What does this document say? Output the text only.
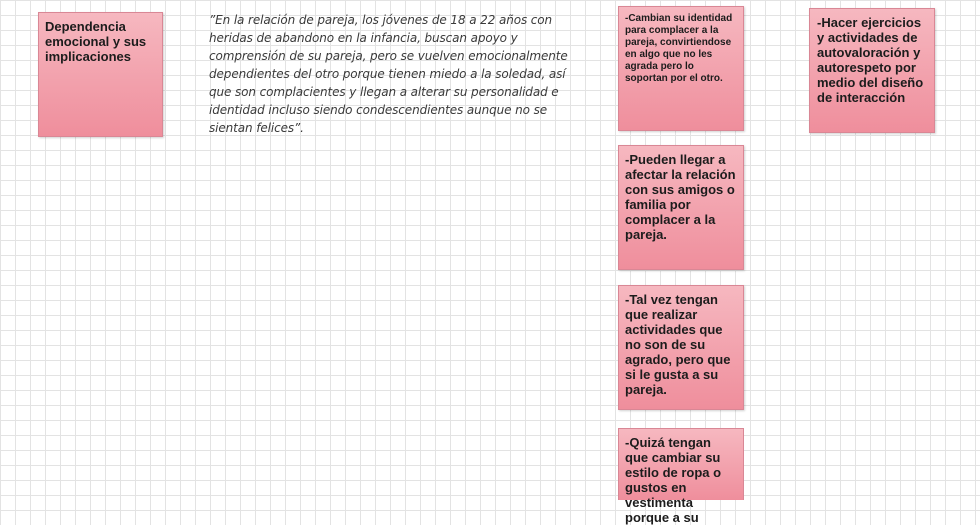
Dependencia emocional y sus implicaciones
”En la relación de pareja, los jóvenes de 18 a 22 años con heridas de abandono en la infancia, buscan apoyo y comprensión de su pareja, pero se vuelven emocionalmente dependientes del otro porque tienen miedo a la soledad, así que son complacientes y llegan a alterar su personalidad e identidad incluso siendo condescendientes aunque no se sientan felices”.
-Cambian su identidad para complacer a la pareja, convirtiendose en algo que no les agrada pero lo soportan por el otro.
-Pueden llegar a afectar la relación con sus amigos o familia por complacer a la pareja.
-Tal vez tengan que realizar actividades que no son de su agrado, pero que si le gusta a su pareja.
-Quizá tengan que cambiar su estilo de ropa o gustos en vestimenta porque a su
-Hacer ejercicios y actividades de autovaloración y autorespeto por medio del diseño de interacción
